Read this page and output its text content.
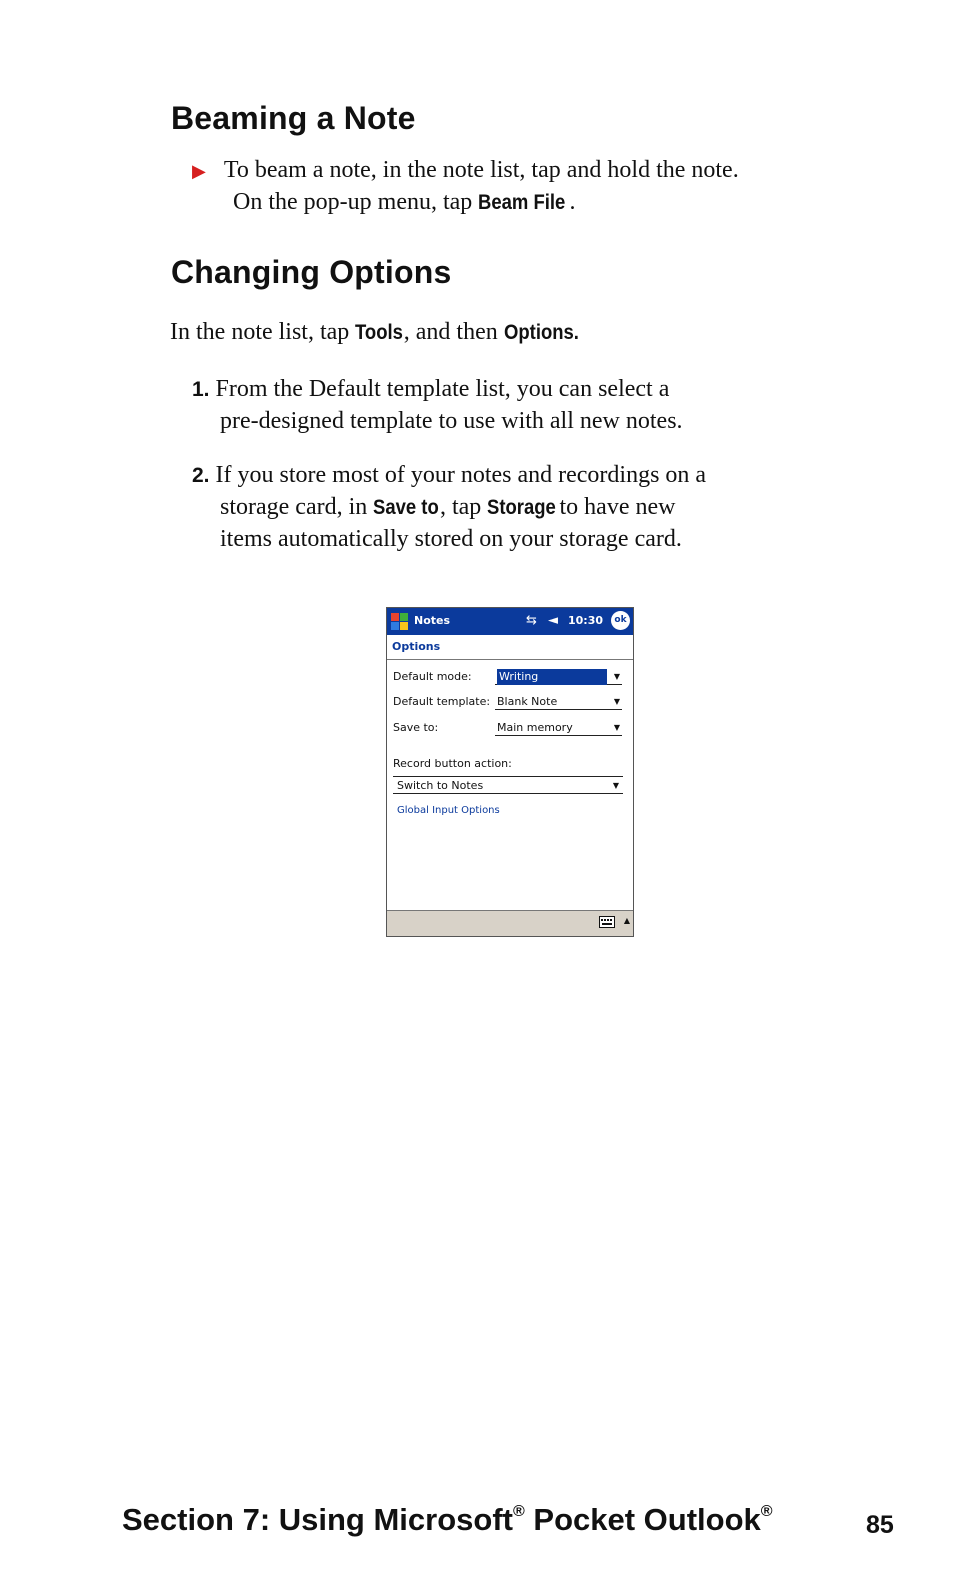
Beaming a Note

▶ To beam a note, in the note list, tap and hold the note.

On the pop-up menu, tap Beam File .

Changing Options

In the note list, tap Tools, and then Options.

1. From the Default template list, you can select a

pre-designed template to use with all new notes.

2. If you store most of your notes and recordings on a

storage card, in Save to, tap Storage to have new

items automatically stored on your storage card.

Notes	⇆ ◄​ 10:30	ok
Options
Default mode:	Writing	▼
Default template: Blank Note	▼
Save to:	Main memory	▼
Record button action:
Switch to Notes	▼
Global Input Options
▲

Section 7: Using Microsoft® Pocket Outlook®	85
